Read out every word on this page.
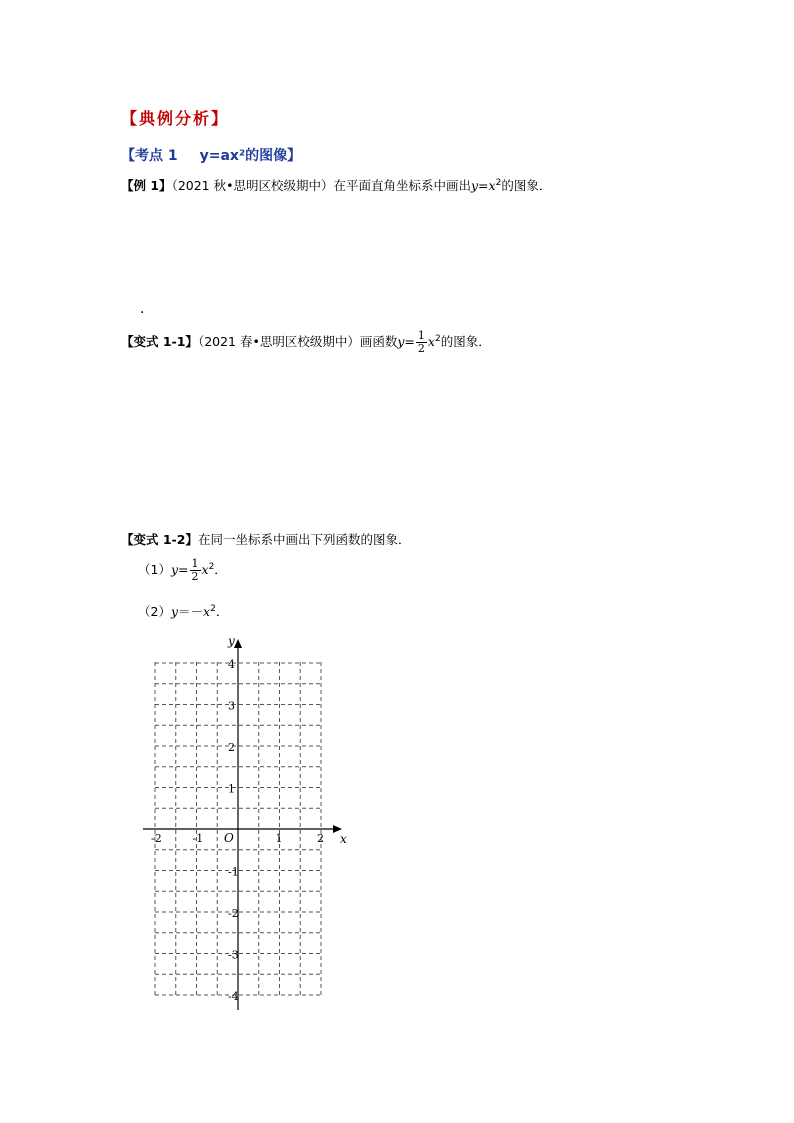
【典例分析】
【考点 1 y=ax²的图像】
【例 1】（2021 秋•思明区校级期中）在平面直角坐标系中画出$y=x^2$的图象．
．
【变式 1-1】（2021 春•思明区校级期中）画函数$y= \frac{1}{2} x^2$的图象．
【变式 1-2】在同一坐标系中画出下列函数的图象．
$(1)y= \frac{1}{2} x^2$．
$(2)y=-x^2$．
x
y
O
-2	-1	1	2
4
3
2
1
-1
-2
-3
-4
